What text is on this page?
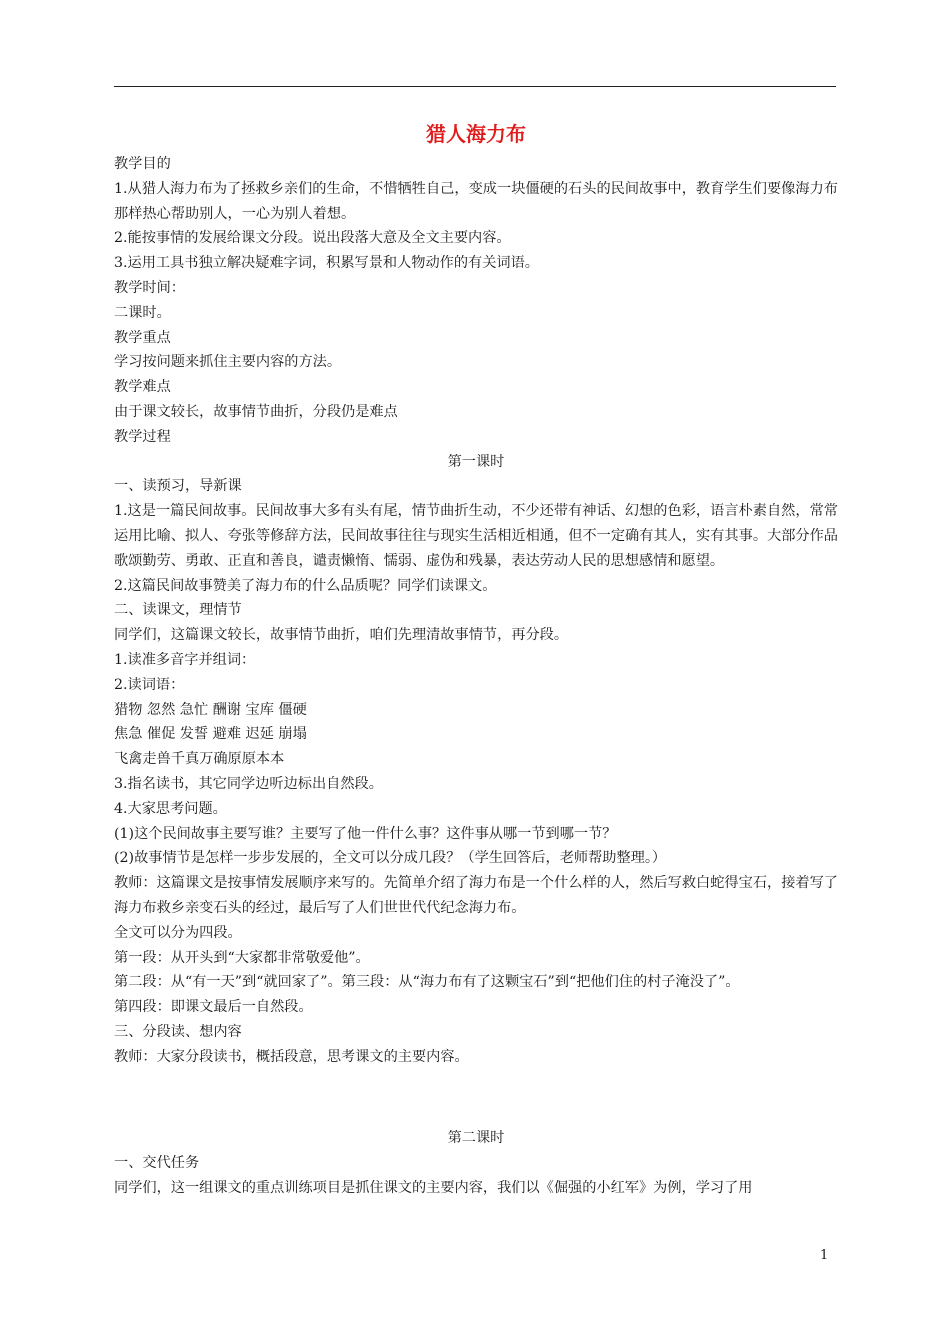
猎人海力布

教学目的

1.从猎人海力布为了拯救乡亲们的生命，不惜牺牲自己，变成一块僵硬的石头的民间故事中，教育学生们要像海力布那样热心帮助别人，一心为别人着想。

2.能按事情的发展给课文分段。说出段落大意及全文主要内容。

3.运用工具书独立解决疑难字词，积累写景和人物动作的有关词语。

教学时间：

二课时。

教学重点

学习按问题来抓住主要内容的方法。

教学难点

由于课文较长，故事情节曲折，分段仍是难点

教学过程

第一课时

一、读预习，导新课

1.这是一篇民间故事。民间故事大多有头有尾，情节曲折生动，不少还带有神话、幻想的色彩，语言朴素自然，常常运用比喻、拟人、夸张等修辞方法，民间故事往往与现实生活相近相通，但不一定确有其人，实有其事。大部分作品歌颂勤劳、勇敢、正直和善良，谴责懒惰、懦弱、虚伪和残暴，表达劳动人民的思想感情和愿望。

2.这篇民间故事赞美了海力布的什么品质呢？同学们读课文。

二、读课文，理情节

同学们，这篇课文较长，故事情节曲折，咱们先理清故事情节，再分段。

1.读准多音字并组词：

2.读词语：

猎物 忽然 急忙 酬谢 宝库 僵硬

焦急 催促 发誓 避难 迟延 崩塌

飞禽走兽千真万确原原本本

3.指名读书，其它同学边听边标出自然段。

4.大家思考问题。

(1)这个民间故事主要写谁？主要写了他一件什么事？这件事从哪一节到哪一节？

(2)故事情节是怎样一步步发展的，全文可以分成几段？（学生回答后，老师帮助整理。）

教师：这篇课文是按事情发展顺序来写的。先简单介绍了海力布是一个什么样的人，然后写救白蛇得宝石，接着写了海力布救乡亲变石头的经过，最后写了人们世世代代纪念海力布。

全文可以分为四段。

第一段：从开头到“大家都非常敬爱他”。

第二段：从“有一天”到“就回家了”。第三段：从“海力布有了这颗宝石”到“把他们住的村子淹没了”。

第四段：即课文最后一自然段。

三、分段读、想内容

教师：大家分段读书，概括段意，思考课文的主要内容。

第二课时

一、交代任务

同学们，这一组课文的重点训练项目是抓住课文的主要内容，我们以《倔强的小红军》为例，学习了用

1
